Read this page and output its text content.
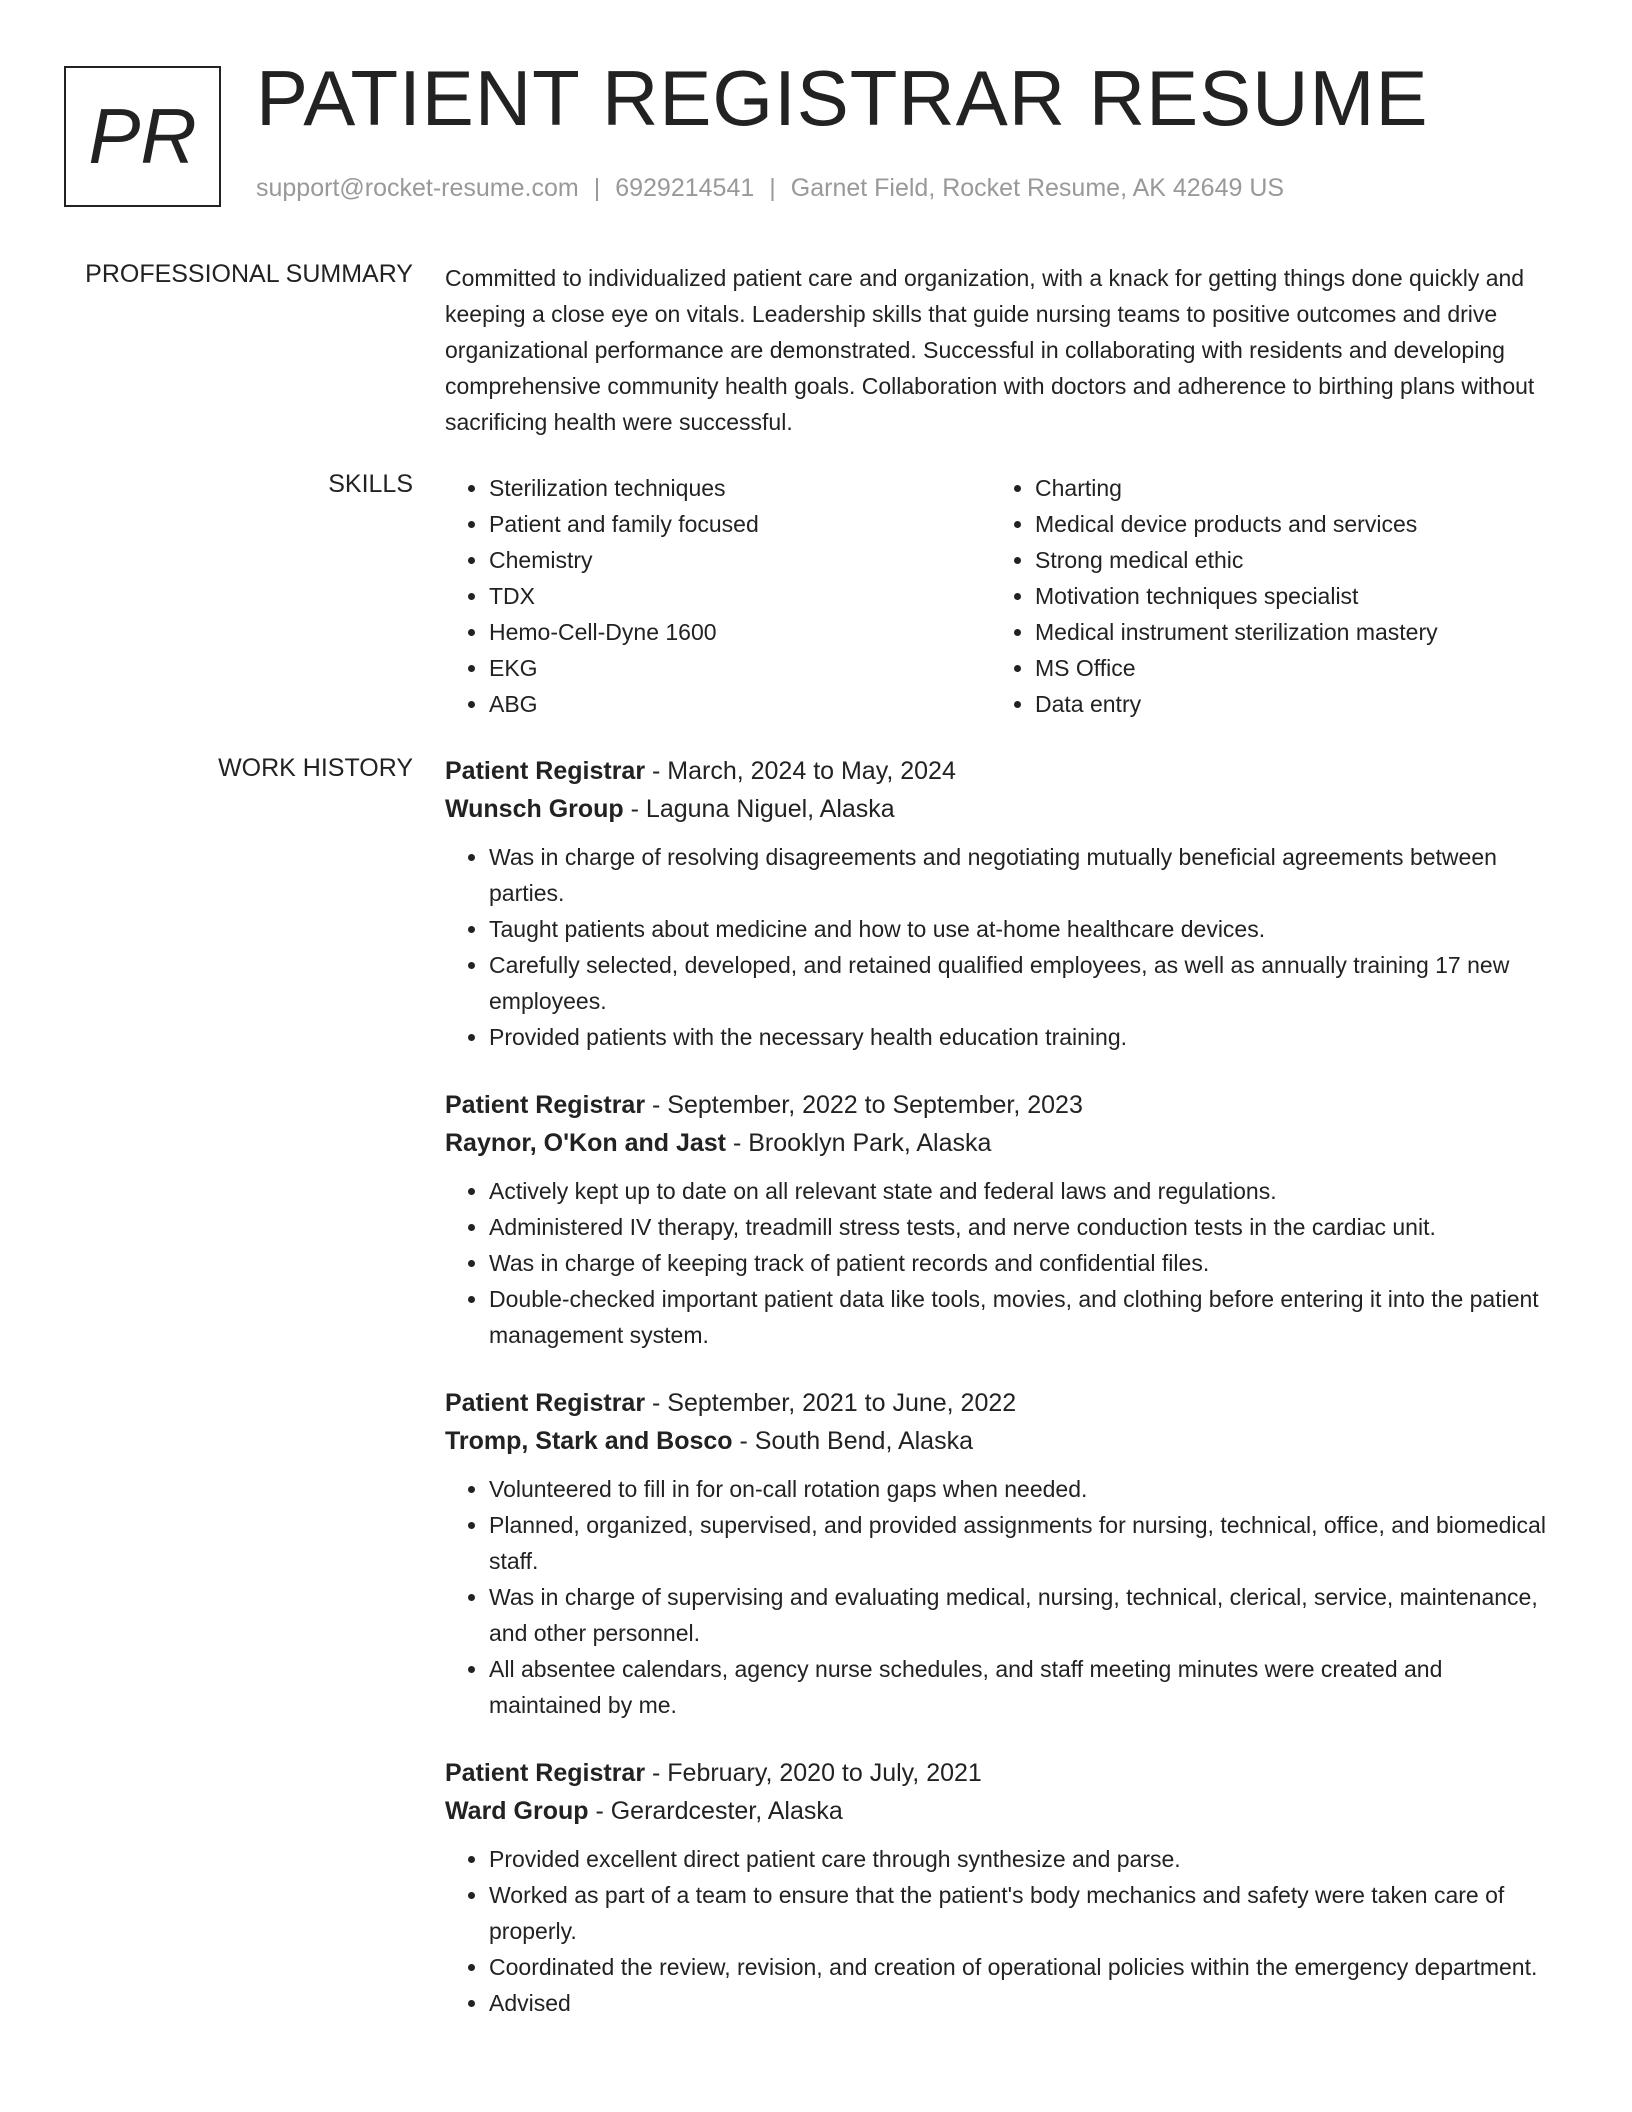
PR PATIENT REGISTRAR RESUME
support@rocket-resume.com | 6929214541 | Garnet Field, Rocket Resume, AK 42649 US
PROFESSIONAL SUMMARY Committed to individualized patient care and organization, with a knack for getting things done quickly and keeping a close eye on vitals. Leadership skills that guide nursing teams to positive outcomes and drive organizational performance are demonstrated. Successful in collaborating with residents and developing comprehensive community health goals. Collaboration with doctors and adherence to birthing plans without sacrificing health were successful.

SKILLS
•	Sterilization techniques
• Patient and family focused
• Chemistry
• TDX
• Hemo-Cell-Dyne 1600
• EKG
• ABG
• Charting
• Medical device products and services
• Strong medical ethic
• Motivation techniques specialist
• Medical instrument sterilization mastery
• MS Office
• Data entry
WORK HISTORY Patient Registrar - March, 2024 to May, 2024
Wunsch Group - Laguna Niguel, Alaska
• Was in charge of resolving disagreements and negotiating mutually beneficial agreements between parties.
• Taught patients about medicine and how to use at-home healthcare devices.
• Carefully selected, developed, and retained qualified employees, as well as annually training 17 new employees.
• Provided patients with the necessary health education training.
Patient Registrar - September, 2022 to September, 2023
Raynor, O'Kon and Jast - Brooklyn Park, Alaska
• Actively kept up to date on all relevant state and federal laws and regulations.
• Administered IV therapy, treadmill stress tests, and nerve conduction tests in the cardiac unit.
• Was in charge of keeping track of patient records and confidential files.
• Double-checked important patient data like tools, movies, and clothing before entering it into the patient management system.
Patient Registrar - September, 2021 to June, 2022
Tromp, Stark and Bosco - South Bend, Alaska
• Volunteered to fill in for on-call rotation gaps when needed.
• Planned, organized, supervised, and provided assignments for nursing, technical, office, and biomedical staff.
• Was in charge of supervising and evaluating medical, nursing, technical, clerical, service, maintenance, and other personnel.
• All absentee calendars, agency nurse schedules, and staff meeting minutes were created and maintained by me.
Patient Registrar - February, 2020 to July, 2021
Ward Group - Gerardcester, Alaska
• Provided excellent direct patient care through synthesize and parse.
• Worked as part of a team to ensure that the patient's body mechanics and safety were taken care of properly.
• Coordinated the review, revision, and creation of operational policies within the emergency department.
• Advised
